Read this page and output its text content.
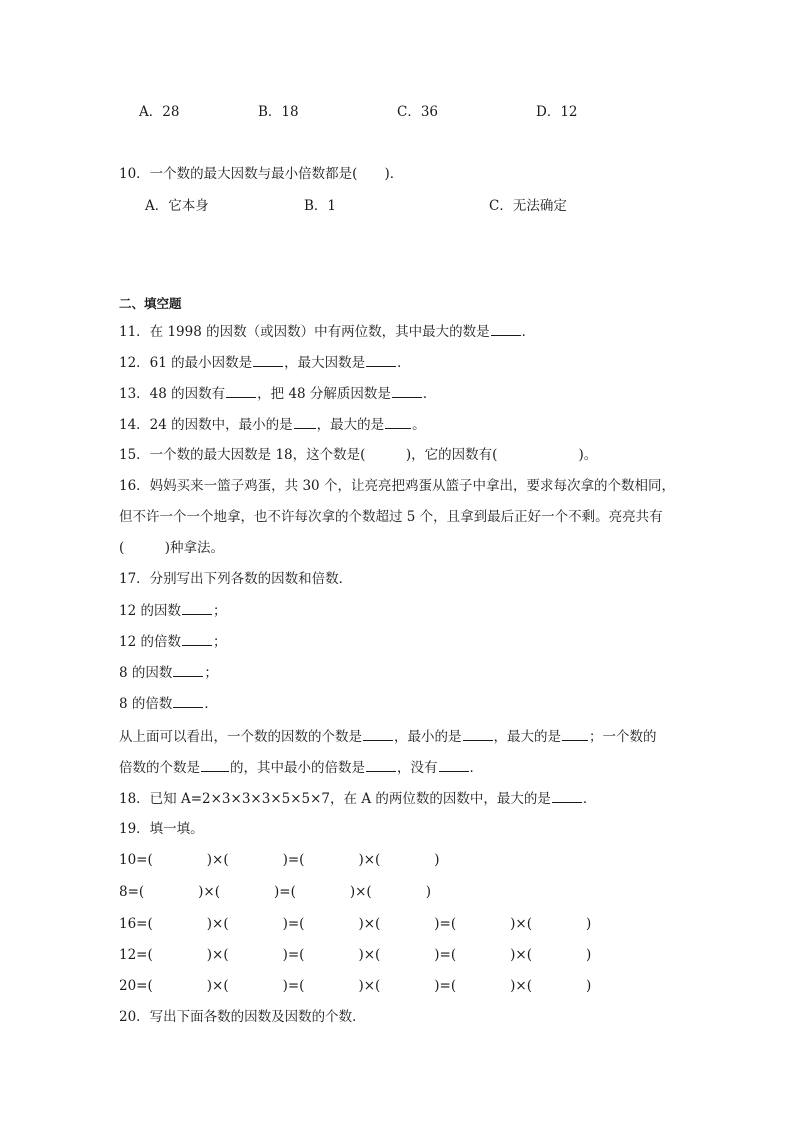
A．28	B．18	C．36	D．12
10．一个数的最大因数与最小倍数都是(　　)．
A．它本身	B．1	C．无法确定
二、填空题
11．在 1998 的因数（或因数）中有两位数，其中最大的数是 ．
12．61 的最小因数是 ，最大因数是 ．
13．48 的因数有 ，把 48 分解质因数是 ．
14．24 的因数中，最小的是 ，最大的是 。
15．一个数的最大因数是 18，这个数是(　　　)，它的因数有(　　　　　　)。
16．妈妈买来一篮子鸡蛋，共 30 个，让亮亮把鸡蛋从篮子中拿出，要求每次拿的个数相同，
但不许一个一个地拿，也不许每次拿的个数超过 5 个，且拿到最后正好一个不剩。亮亮共有
(　　　)种拿法。
17．分别写出下列各数的因数和倍数．
12 的因数 ；
12 的倍数 ；
8 的因数 ；
8 的倍数 ．
从上面可以看出，一个数的因数的个数是 ，最小的是 ，最大的是 ；一个数的
倍数的个数是 的，其中最小的倍数是 ，没有 ．
18．已知 A=2×3×3×3×5×5×7，在 A 的两位数的因数中，最大的是 ．
19．填一填。
10=(　　　　)×(　　　　)=(　　　　)×(　　　　)
8=(　　　　)×(　　　　)=(　　　　)×(　　　　)
16=(　　　　)×(　　　　)=(　　　　)×(　　　　)=(　　　　)×(　　　　)
12=(　　　　)×(　　　　)=(　　　　)×(　　　　)=(　　　　)×(　　　　)
20=(　　　　)×(　　　　)=(　　　　)×(　　　　)=(　　　　)×(　　　　)
20．写出下面各数的因数及因数的个数．
